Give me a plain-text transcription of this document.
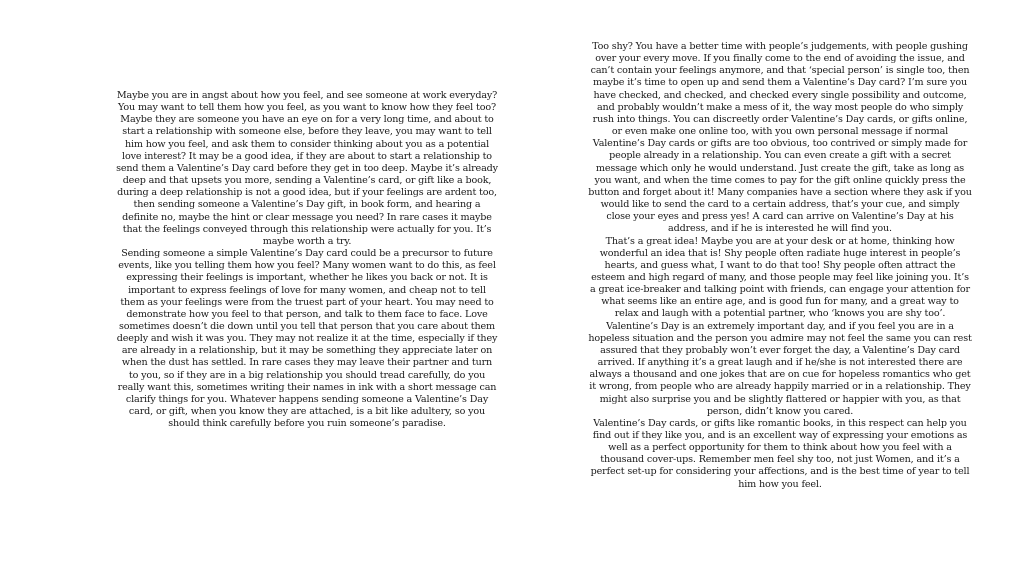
Maybe you are in angst about how you feel, and see someone at work everyday? You may want to tell them how you feel, as you want to know how they feel too? Maybe they are someone you have an eye on for a very long time, and about to start a relationship with someone else, before they leave, you may want to tell him how you feel, and ask them to consider thinking about you as a potential love interest? It may be a good idea, if they are about to start a relationship to send them a Valentine’s Day card before they get in too deep. Maybe it’s already deep and that upsets you more, sending a Valentine’s card, or gift like a book, during a deep relationship is not a good idea, but if your feelings are ardent too, then sending someone a Valentine’s Day gift, in book form, and hearing a definite no, maybe the hint or clear message you need? In rare cases it maybe that the feelings conveyed through this relationship were actually for you. It’s maybe worth a try.

Sending someone a simple Valentine’s Day card could be a precursor to future events, like you telling them how you feel? Many women want to do this, as feel expressing their feelings is important, whether he likes you back or not. It is important to express feelings of love for many women, and cheap not to tell them as your feelings were from the truest part of your heart. You may need to demonstrate how you feel to that person, and talk to them face to face. Love sometimes doesn’t die down until you tell that person that you care about them deeply and wish it was you. They may not realize it at the time, especially if they are already in a relationship, but it may be something they appreciate later on when the dust has settled. In rare cases they may leave their partner and turn to you, so if they are in a big relationship you should tread carefully, do you really want this, sometimes writing their names in ink with a short message can clarify things for you. Whatever happens sending someone a Valentine’s Day card, or gift, when you know they are attached, is a bit like adultery, so you should think carefully before you ruin someone’s paradise.

Too shy? You have a better time with people’s judgements, with people gushing over your every move. If you finally come to the end of avoiding the issue, and can’t contain your feelings anymore, and that ‘special person’ is single too, then maybe it’s time to open up and send them a Valentine’s Day card? I’m sure you have checked, and checked, and checked every single possibility and outcome, and probably wouldn’t make a mess of it, the way most people do who simply rush into things. You can discreetly order Valentine’s Day cards, or gifts online, or even make one online too, with you own personal message if normal Valentine’s Day cards or gifts are too obvious, too contrived or simply made for people already in a relationship. You can even create a gift with a secret message which only he would understand. Just create the gift, take as long as you want, and when the time comes to pay for the gift online quickly press the button and forget about it! Many companies have a section where they ask if you would like to send the card to a certain address, that’s your cue, and simply close your eyes and press yes! A card can arrive on Valentine’s Day at his address, and if he is interested he will find you.

That’s a great idea! Maybe you are at your desk or at home, thinking how wonderful an idea that is! Shy people often radiate huge interest in people’s hearts, and guess what, I want to do that too! Shy people often attract the esteem and high regard of many, and those people may feel like joining you. It’s a great ice-breaker and talking point with friends, can engage your attention for what seems like an entire age, and is good fun for many, and a great way to relax and laugh with a potential partner, who ‘knows you are shy too’.

Valentine’s Day is an extremely important day, and if you feel you are in a hopeless situation and the person you admire may not feel the same you can rest assured that they probably won’t ever forget the day, a Valentine’s Day card arrived. If anything it’s a great laugh and if he/she is not interested there are always a thousand and one jokes that are on cue for hopeless romantics who get it wrong, from people who are already happily married or in a relationship. They might also surprise you and be slightly flattered or happier with you, as that person, didn’t know you cared.

Valentine’s Day cards, or gifts like romantic books, in this respect can help you find out if they like you, and is an excellent way of expressing your emotions as well as a perfect opportunity for them to think about how you feel with a thousand cover-ups. Remember men feel shy too, not just Women, and it’s a perfect set-up for considering your affections, and is the best time of year to tell him how you feel.
